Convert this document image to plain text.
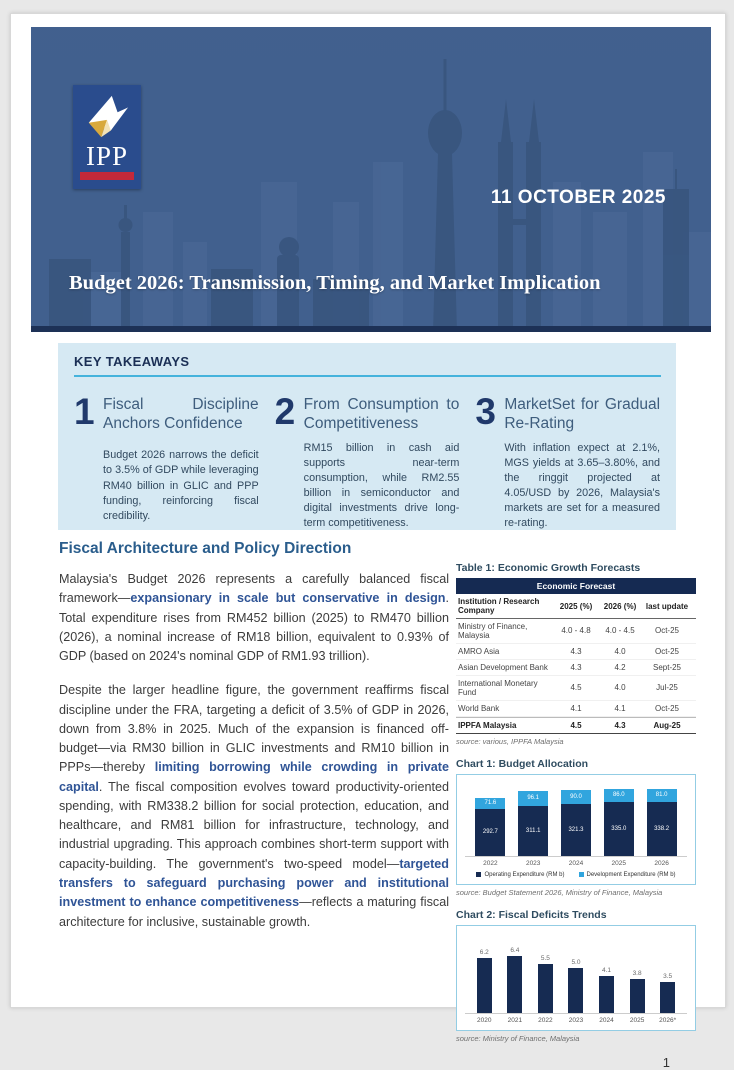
IPP
11 OCTOBER 2025
Budget 2026: Transmission, Timing, and Market Implication
KEY TAKEAWAYS
1 Fiscal Discipline Anchors Confidence
Budget 2026 narrows the deficit to 3.5% of GDP while leveraging RM40 billion in GLIC and PPP funding, reinforcing fiscal credibility.
2 From Consumption to Competitiveness
RM15 billion in cash aid supports near-term consumption, while RM2.55 billion in semiconductor and digital investments drive long-term competitiveness.
3 MarketSet for Gradual Re-Rating
With inflation expect at 2.1%, MGS yields at 3.65–3.80%, and the ringgit projected at 4.05/USD by 2026, Malaysia's markets are set for a measured re-rating.
Fiscal Architecture and Policy Direction

Malaysia's Budget 2026 represents a carefully balanced fiscal framework—expansionary in scale but conservative in design. Total expenditure rises from RM452 billion (2025) to RM470 billion (2026), a nominal increase of RM18 billion, equivalent to 0.93% of GDP (based on 2024's nominal GDP of RM1.93 trillion).

Despite the larger headline figure, the government reaffirms fiscal discipline under the FRA, targeting a deficit of 3.5% of GDP in 2026, down from 3.8% in 2025. Much of the expansion is financed off-budget—via RM30 billion in GLIC investments and RM10 billion in PPPs—thereby limiting borrowing while crowding in private capital. The fiscal composition evolves toward productivity-oriented spending, with RM338.2 billion for social protection, education, and healthcare, and RM81 billion for infrastructure, technology, and industrial upgrading. This approach combines short-term support with capacity-building. The government's two-speed model—targeted transfers to safeguard purchasing power and institutional investment to enhance competitiveness—reflects a maturing fiscal architecture for inclusive, sustainable growth.

Table 1: Economic Growth Forecasts
Economic Forecast
Institution / Research Company	2025 (%)	2026 (%)	last update
Ministry of Finance, Malaysia	4.0 - 4.8	4.0 - 4.5	Oct-25
AMRO Asia	4.3	4.0	Oct-25
Asian Development Bank	4.3	4.2	Sept-25
International Monetary Fund	4.5	4.0	Jul-25
World Bank	4.1	4.1	Oct-25
IPPFA Malaysia	4.5	4.3	Aug-25
source: various, IPPFA Malaysia
Chart 1: Budget Allocation
71.6
292.7
96.1
311.1
90.0
321.3
86.0
335.0
81.0
338.2
2022	2023	2024	2025	2026
Operating Expenditure (RM b)	Development Expenditure (RM b)
source: Budget Statement 2026, Ministry of Finance, Malaysia
Chart 2: Fiscal Deficits Trends
6.2	6.4
5.5
5.0
4.1	3.8	3.5
2020	2021	2022	2023	2024	2025	2026*
source: Ministry of Finance, Malaysia
1
